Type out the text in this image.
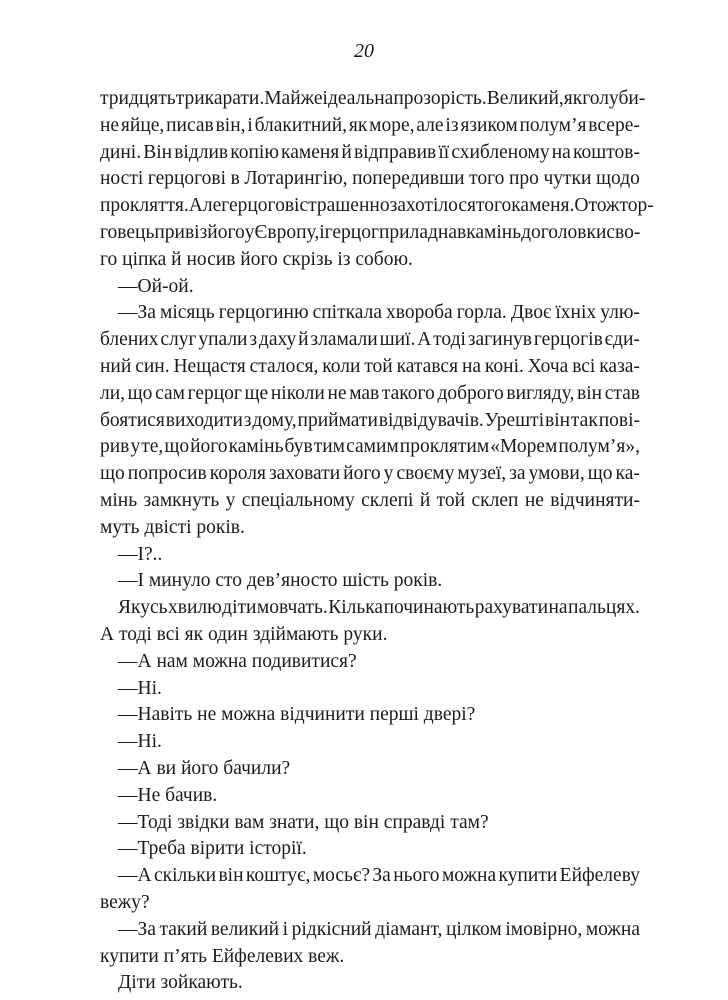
20
тридцять три карати. Майже ідеальна прозорість. Великий, як голуби-
не яйце, писав він, і блакитний, як море, але із язиком полум’я всере-
дині. Він відлив копію каменя й відправив її схибленому на коштов-
ності герцогові в Лотарингію, попередивши того про чутки щодо
прокляття. Але герцогові страшенно захотілося того каменя. Отож тор-
говець привіз його у Європу, і герцог приладнав камінь до головки сво-
го ціпка й носив його скрізь із собою.
—Ой-ой.
—За місяць герцогиню спіткала хвороба горла. Двоє їхніх улю-
блених слуг упали з даху й зламали шиї. А тоді загинув герцогів єди-
ний син. Нещастя сталося, коли той катався на коні. Хоча всі каза-
ли, що сам герцог ще ніколи не мав такого доброго вигляду, він став
боятися виходити з дому, приймати відвідувачів. Урешті він так пові-
рив у те, що його камінь був тим самим проклятим «Морем полум’я»,
що попросив короля заховати його у своєму музеї, за умови, що ка-
мінь замкнуть у спеціальному склепі й той склеп не відчиняти-
муть двісті років.
—І?..
—І минуло сто дев’яносто шість років.
Якусь хвилю діти мовчать. Кілька починають рахувати на пальцях.
А тоді всі як один здіймають руки.
—А нам можна подивитися?
—Ні.
—Навіть не можна відчинити перші двері?
—Ні.
—А ви його бачили?
—Не бачив.
—Тоді звідки вам знати, що він справді там?
—Треба вірити історії.
—А скільки він коштує, мосьє? За нього можна купити Ейфелеву
вежу?
—За такий великий і рідкісний діамант, цілком імовірно, можна
купити п’ять Ейфелевих веж.
Діти зойкають.
